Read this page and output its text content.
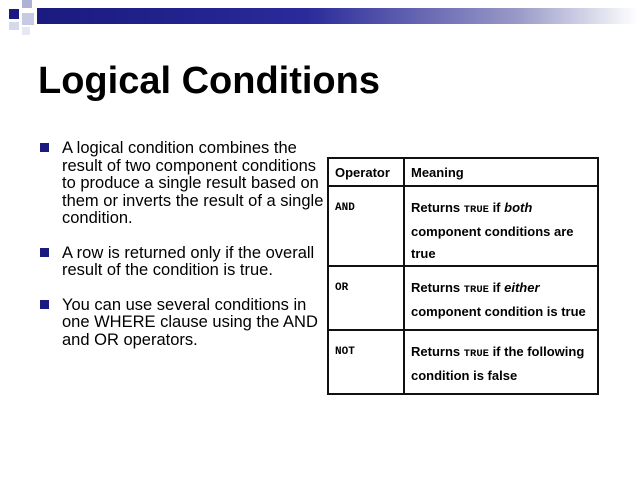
Logical Conditions
A logical condition combines the result of two component conditions to produce a single result based on them or inverts the result of a single condition.
A row is returned only if the overall result of the condition is true.
You can use several conditions in one WHERE clause using the AND and OR operators.
Operator	Meaning
AND	Returns TRUE if both component conditions are true
OR	Returns TRUE if either component condition is true
NOT	Returns TRUE if the following condition is false
